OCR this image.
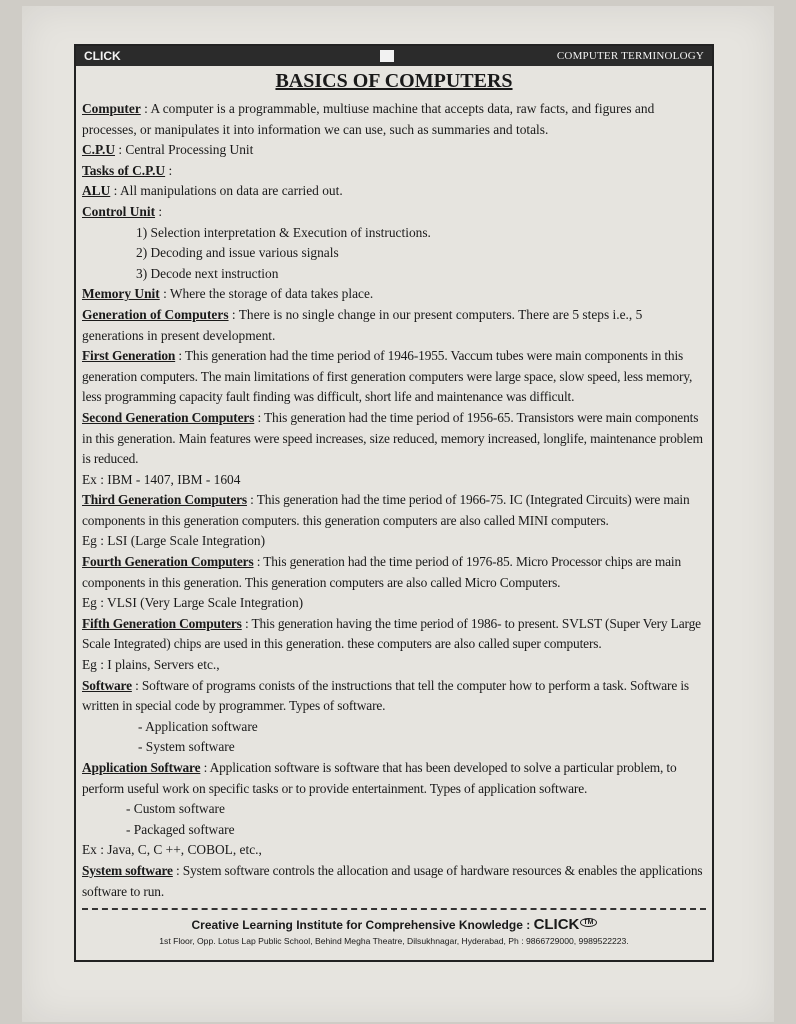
CLICK	COMPUTER TERMINOLOGY
BASICS OF COMPUTERS

Computer : A computer is a programmable, multiuse machine that accepts data, raw facts, and figures and processes, or manipulates it into information we can use, such as summaries and totals.

C.P.U : Central Processing Unit

Tasks of C.P.U :

ALU : All manipulations on data are carried out.

Control Unit :

1) Selection interpretation & Execution of instructions.

2) Decoding and issue various signals

3) Decode next instruction

Memory Unit : Where the storage of data takes place.

Generation of Computers : There is no single change in our present computers. There are 5 steps i.e., 5 generations in present development.

First Generation : This generation had the time period of 1946-1955. Vaccum tubes were main components in this generation computers. The main limitations of first generation computers were large space, slow speed, less memory, less programming capacity fault finding was difficult, short life and maintenance was difficult.

Second Generation Computers : This generation had the time period of 1956-65. Transistors were main components in this generation. Main features were speed increases, size reduced, memory increased, longlife, maintenance problem is reduced.

Ex : IBM - 1407, IBM - 1604

Third Generation Computers : This generation had the time period of 1966-75. IC (Integrated Circuits) were main components in this generation computers. this generation computers are also called MINI computers.

Eg : LSI (Large Scale Integration)

Fourth Generation Computers : This generation had the time period of 1976-85. Micro Processor chips are main components in this generation. This generation computers are also called Micro Computers.

Eg : VLSI (Very Large Scale Integration)

Fifth Generation Computers : This generation having the time period of 1986- to present. SVLST (Super Very Large Scale Integrated) chips are used in this generation. these computers are also called super computers.

Eg : I plains, Servers etc.,

Software : Software of programs conists of the instructions that tell the computer how to perform a task. Software is written in special code by programmer. Types of software.

- Application software

- System software

Application Software : Application software is software that has been developed to solve a particular problem, to perform useful work on specific tasks or to provide entertainment. Types of application software.

- Custom software

- Packaged software

Ex : Java, C, C ++, COBOL, etc.,

System software : System software controls the allocation and usage of hardware resources & enables the applications software to run.

Creative Learning Institute for Comprehensive Knowledge : CLICK TM
1st Floor, Opp. Lotus Lap Public School, Behind Megha Theatre, Dilsukhnagar, Hyderabad, Ph : 9866729000, 9989522223.
